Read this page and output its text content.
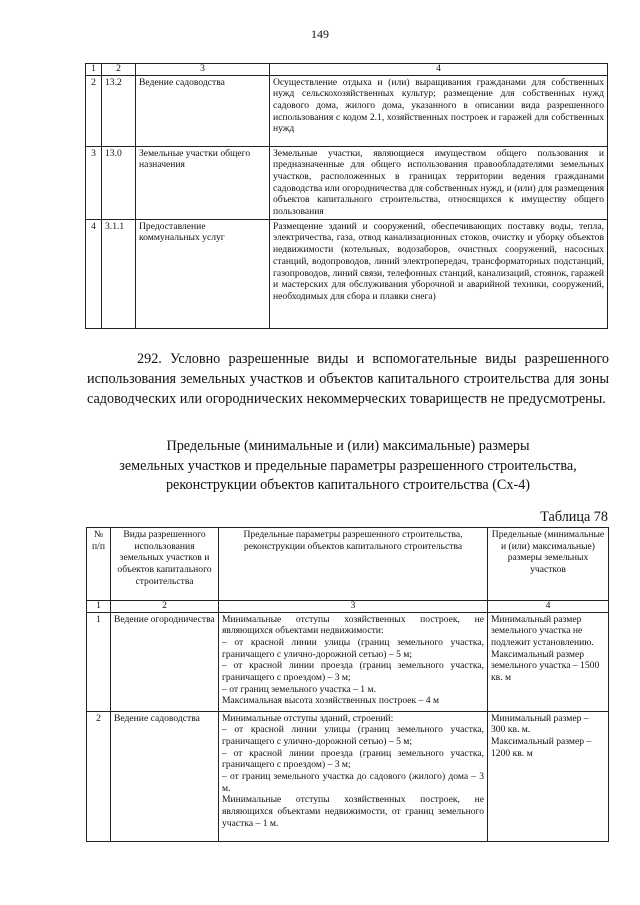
149
1	2	3	4
2	13.2	Ведение садоводства	Осуществление отдыха и (или) выращивания гражданами для собственных нужд сельскохозяйственных культур; размещение для собственных нужд садового дома, жилого дома, указанного в описании вида разрешенного использования с кодом 2.1, хозяйственных построек и гаражей для собственных нужд
3	13.0	Земельные участки общего назначения	Земельные участки, являющиеся имуществом общего пользования и предназначенные для общего использования правообладателями земельных участков, расположенных в границах территории ведения гражданами садоводства или огородничества для собственных нужд, и (или) для размещения объектов капитального строительства, относящихся к имуществу общего пользования
4	3.1.1	Предоставление коммунальных услуг	Размещение зданий и сооружений, обеспечивающих поставку воды, тепла, электричества, газа, отвод канализационных стоков, очистку и уборку объектов недвижимости (котельных, водозаборов, очистных сооружений, насосных станций, водопроводов, линий электропередач, трансформаторных подстанций, газопроводов, линий связи, телефонных станций, канализаций, стоянок, гаражей и мастерских для обслуживания уборочной и аварийной техники, сооружений, необходимых для сбора и плавки снега)

292. Условно разрешенные виды и вспомогательные виды разрешенного использования земельных участков и объектов капитального строительства для зоны садоводческих или огороднических некоммерческих товариществ не предусмотрены.

Предельные (минимальные и (или) максимальные) размеры
земельных участков и предельные параметры разрешенного строительства,
реконструкции объектов капитального строительства (Сх-4)
Таблица 78
№ п/п	Виды разрешенного использования земельных участков и объектов капитального строительства	Предельные параметры разрешенного строительства, реконструкции объектов капитального строительства	Предельные (минимальные и (или) максимальные) размеры земельных участков
1	2	3	4
1	Ведение огородничества	Минимальные отступы хозяйственных построек, не являющихся объектами недвижимости:
– от красной линии улицы (границ земельного участка, граничащего с улично-дорожной сетью) – 5 м;
– от красной линии проезда (границ земельного участка, граничащего с проездом) – 3 м;
– от границ земельного участка – 1 м.
Максимальная высота хозяйственных построек – 4 м	Минимальный размер земельного участка не подлежит установлению.
Максимальный размер земельного участка – 1500 кв. м

2	Ведение садоводства	Минимальные отступы зданий, строений:
– от красной линии улицы (границ земельного участка, граничащего с улично-дорожной сетью) – 5 м;
– от красной линии проезда (границ земельного участка, граничащего с проездом) – 3 м;
– от границ земельного участка до садового (жилого) дома – 3 м.
Минимальные отступы хозяйственных построек, не являющихся объектами недвижимости, от границ земельного участка – 1 м.	Минимальный размер – 300 кв. м.
Максимальный размер – 1200 кв. м
